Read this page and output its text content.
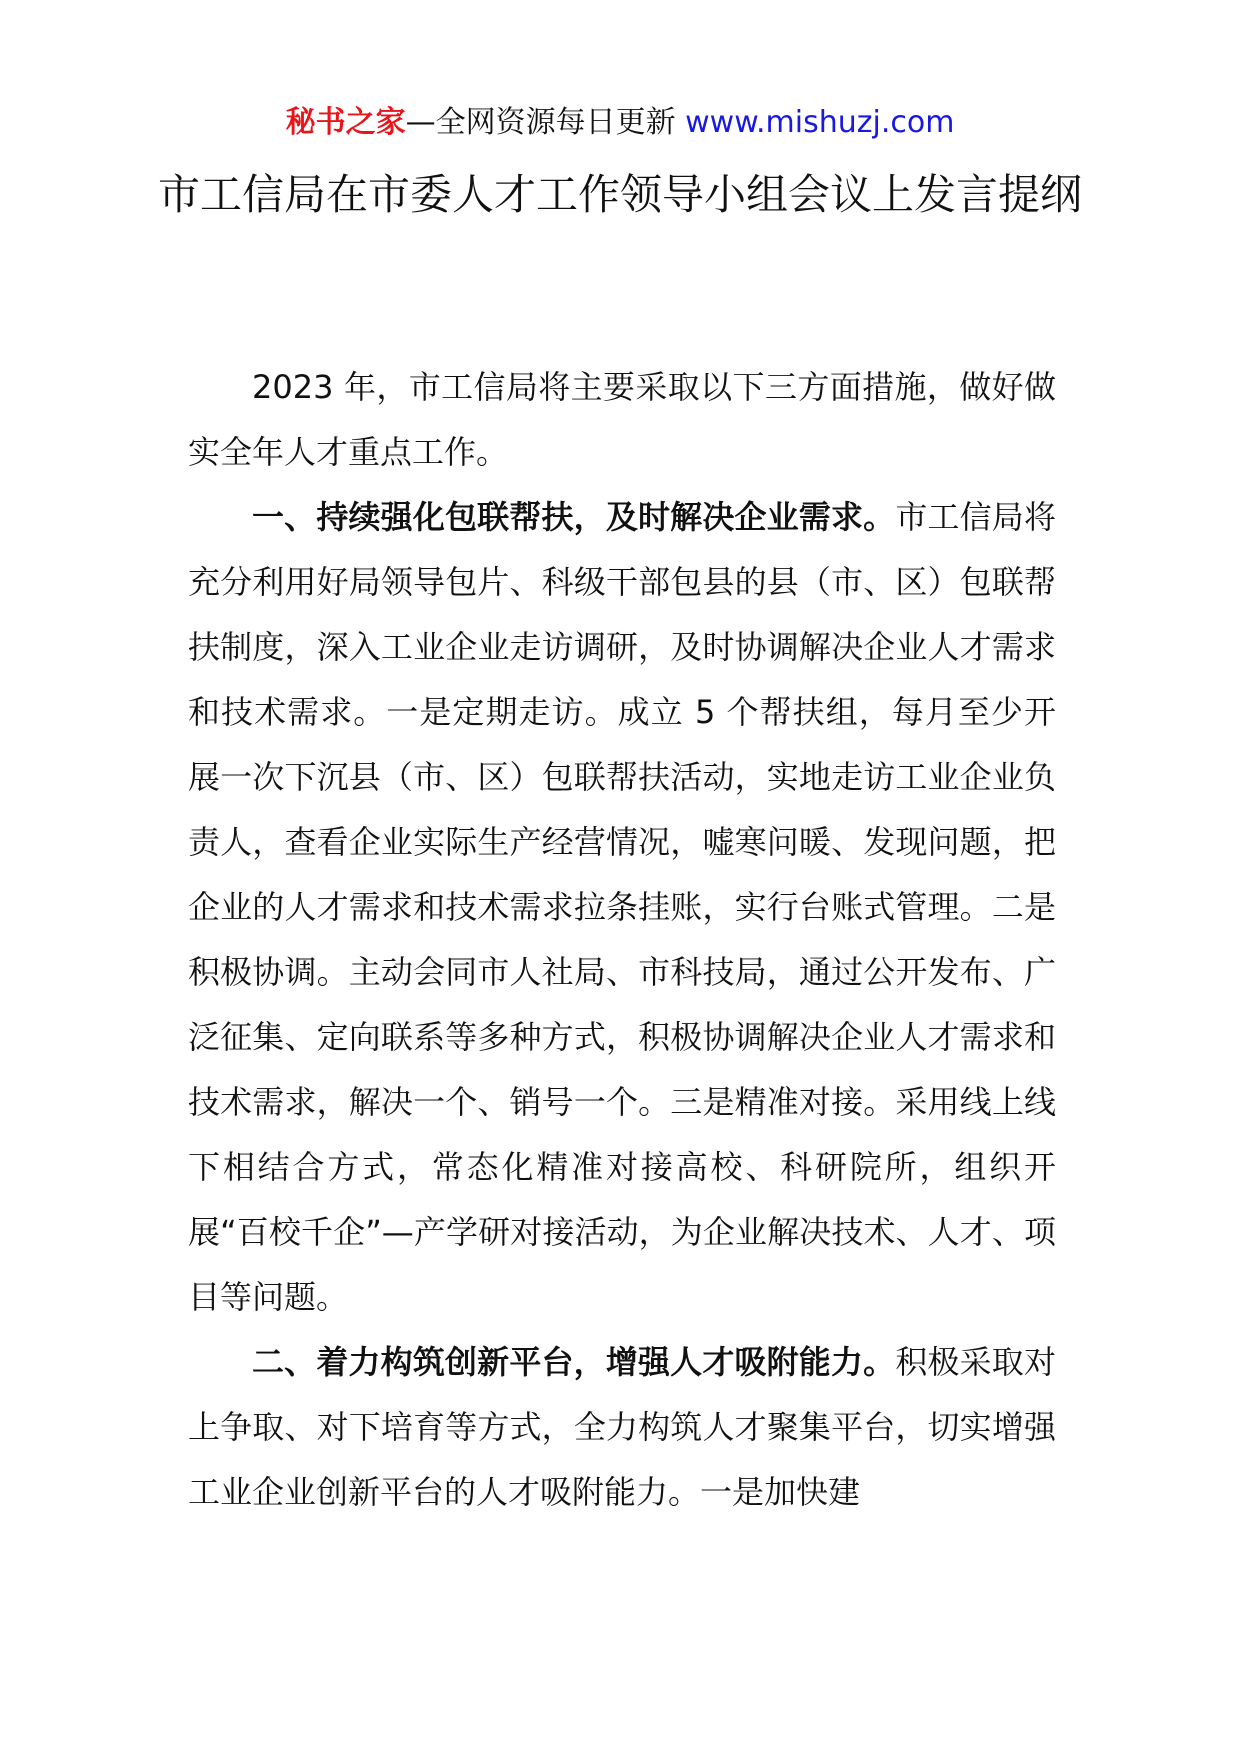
秘书之家—全网资源每日更新 www.mishuzj.com
市工信局在市委人才工作领导小组会议上发言提纲

2023 年，市工信局将主要采取以下三方面措施，做好做实全年人才重点工作。

一、持续强化包联帮扶，及时解决企业需求。市工信局将充分利用好局领导包片、科级干部包县的县（市、区）包联帮扶制度，深入工业企业走访调研，及时协调解决企业人才需求和技术需求。一是定期走访。成立 5 个帮扶组，每月至少开展一次下沉县（市、区）包联帮扶活动，实地走访工业企业负责人，查看企业实际生产经营情况，嘘寒问暖、发现问题，把企业的人才需求和技术需求拉条挂账，实行台账式管理。二是积极协调。主动会同市人社局、市科技局，通过公开发布、广泛征集、定向联系等多种方式，积极协调解决企业人才需求和技术需求，解决一个、销号一个。三是精准对接。采用线上线下相结合方式，常态化精准对接高校、科研院所，组织开展“百校千企”—产学研对接活动，为企业解决技术、人才、项目等问题。

二、着力构筑创新平台，增强人才吸附能力。积极采取对上争取、对下培育等方式，全力构筑人才聚集平台，切实增强工业企业创新平台的人才吸附能力。一是加快建
